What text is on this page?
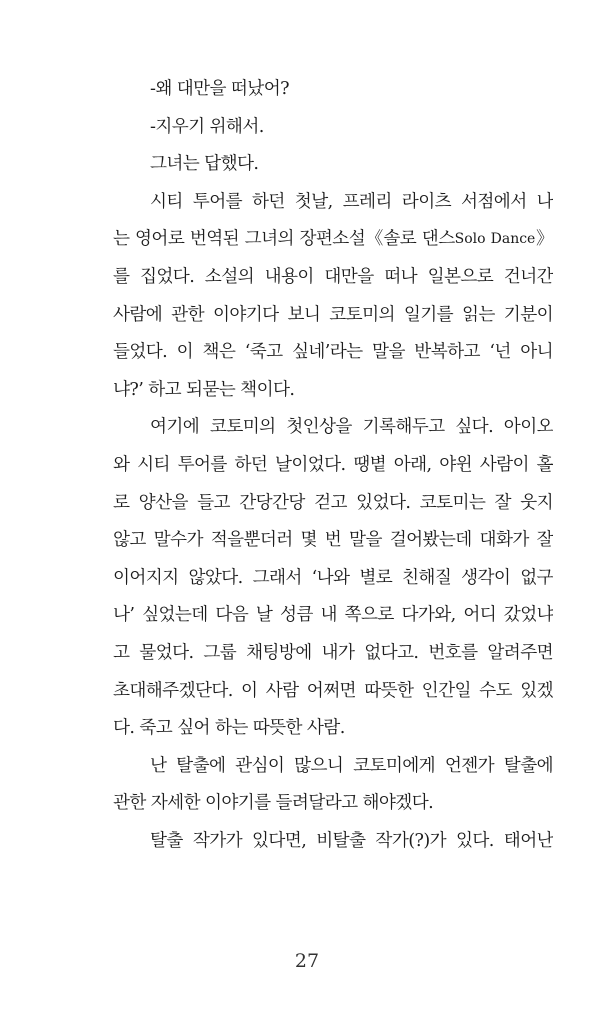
-왜 대만을 떠났어?
-지우기 위해서.
그녀는 답했다.
시티 투어를 하던 첫날, 프레리 라이츠 서점에서 나
는 영어로 번역된 그녀의 장편소설《솔로 댄스Solo Dance》
를 집었다. 소설의 내용이 대만을 떠나 일본으로 건너간
사람에 관한 이야기다 보니 코토미의 일기를 읽는 기분이
들었다. 이 책은 ‘죽고 싶네’라는 말을 반복하고 ‘넌 아니
냐?’ 하고 되묻는 책이다.
여기에 코토미의 첫인상을 기록해두고 싶다. 아이오
와 시티 투어를 하던 날이었다. 땡볕 아래, 야윈 사람이 홀
로 양산을 들고 간당간당 걷고 있었다. 코토미는 잘 웃지
않고 말수가 적을뿐더러 몇 번 말을 걸어봤는데 대화가 잘
이어지지 않았다. 그래서 ‘나와 별로 친해질 생각이 없구
나’ 싶었는데 다음 날 성큼 내 쪽으로 다가와, 어디 갔었냐
고 물었다. 그룹 채팅방에 내가 없다고. 번호를 알려주면
초대해주겠단다. 이 사람 어쩌면 따뜻한 인간일 수도 있겠
다. 죽고 싶어 하는 따뜻한 사람.
난 탈출에 관심이 많으니 코토미에게 언젠가 탈출에
관한 자세한 이야기를 들려달라고 해야겠다.
탈출 작가가 있다면, 비탈출 작가(?)가 있다. 태어난
27
